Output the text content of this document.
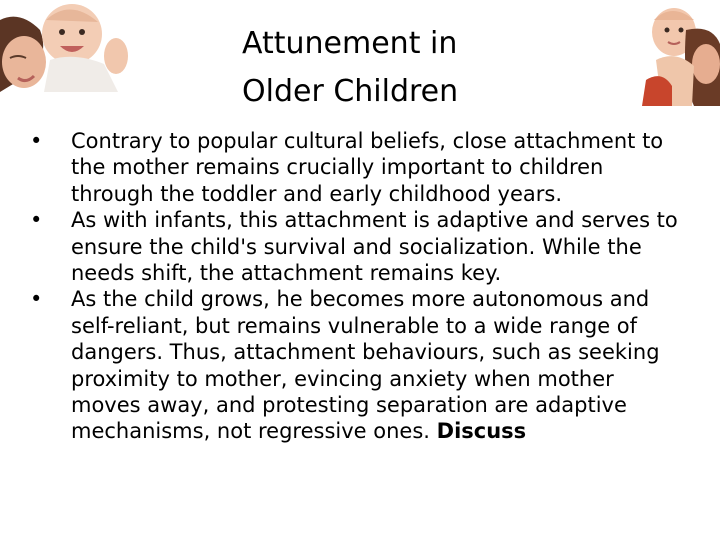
Attunement in
Older Children
•	Contrary to popular cultural beliefs, close attachment to the mother remains crucially important to children through the toddler and early childhood years.
•	As with infants, this attachment is adaptive and serves to ensure the child's survival and socialization. While the needs shift, the attachment remains key.
•	As the child grows, he becomes more autonomous and self-reliant, but remains vulnerable to a wide range of dangers. Thus, attachment behaviours, such as seeking proximity to mother, evincing anxiety when mother moves away, and protesting separation are adaptive mechanisms, not regressive ones. Discuss
